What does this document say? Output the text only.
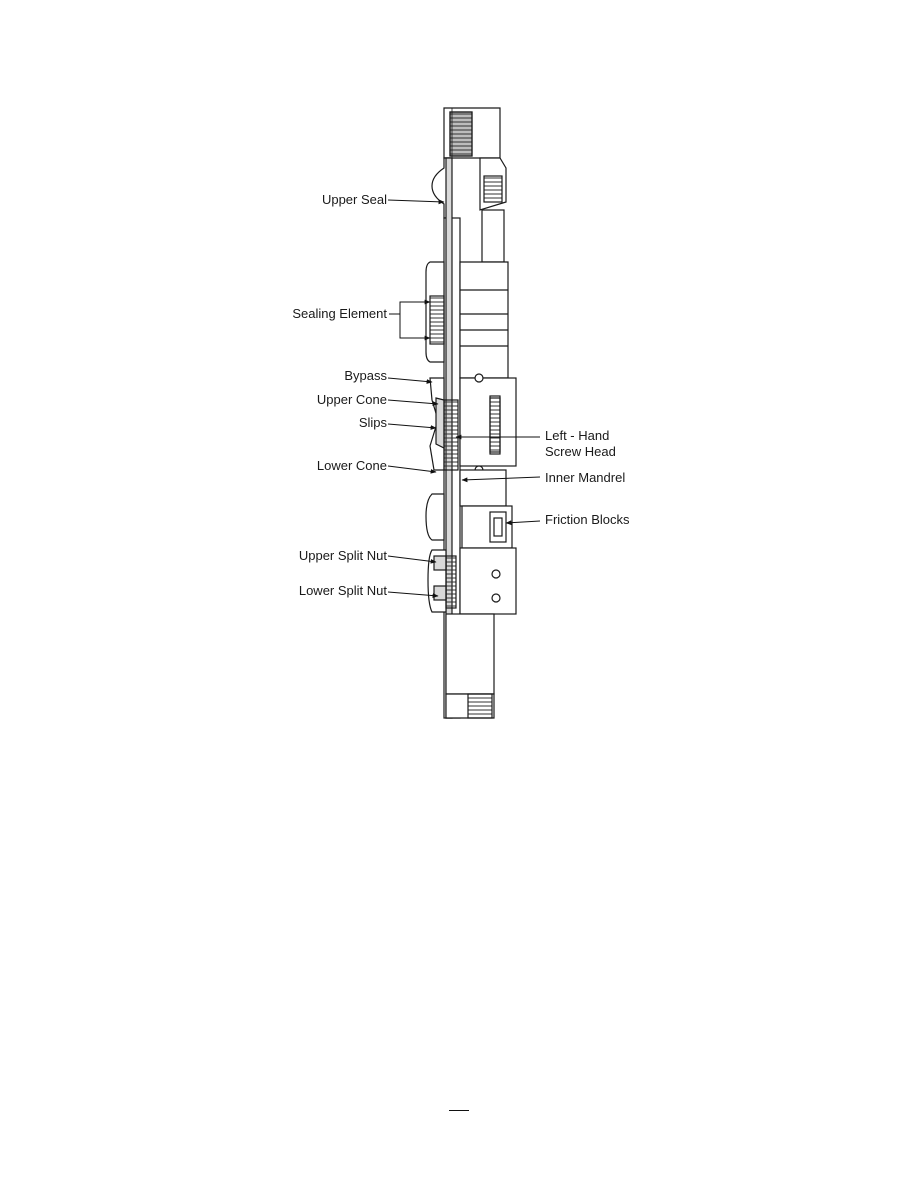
Upper Seal
Sealing Element
Bypass
Upper Cone
Slips
Lower Cone
Upper Split Nut
Lower Split Nut
Left - Hand
Screw Head
Inner Mandrel
Friction Blocks
